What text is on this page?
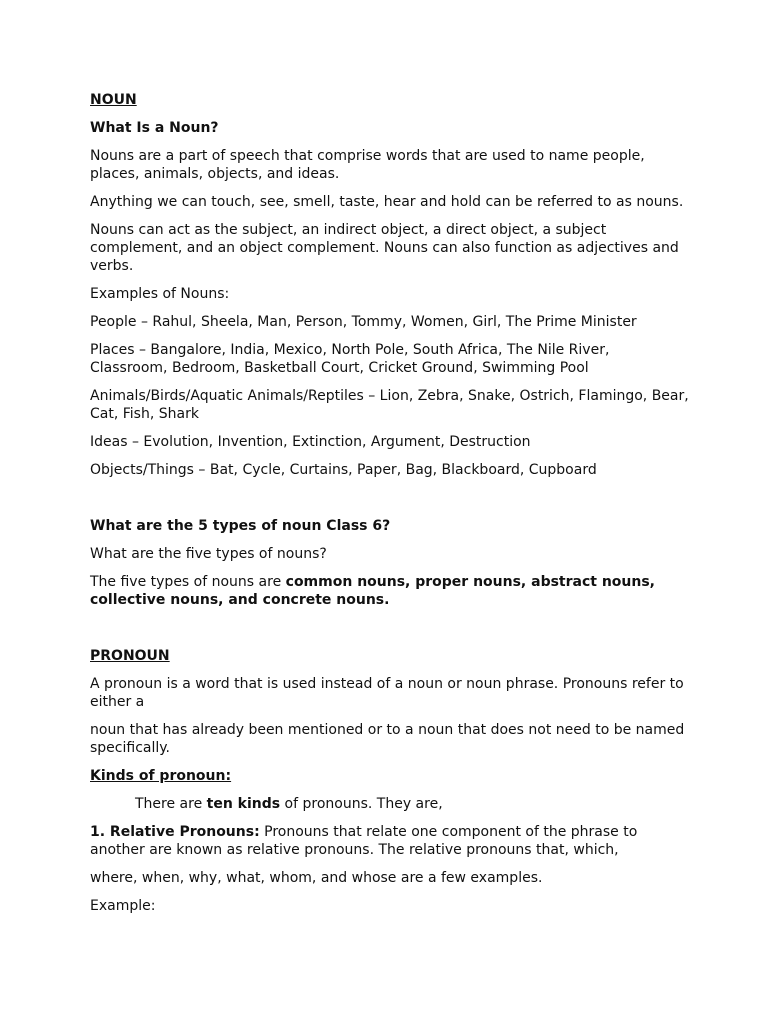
NOUN

What Is a Noun?

Nouns are a part of speech that comprise words that are used to name people, places, animals, objects, and ideas.

Anything we can touch, see, smell, taste, hear and hold can be referred to as nouns.

Nouns can act as the subject, an indirect object, a direct object, a subject complement, and an object complement. Nouns can also function as adjectives and verbs.

Examples of Nouns:

People – Rahul, Sheela, Man, Person, Tommy, Women, Girl, The Prime Minister

Places – Bangalore, India, Mexico, North Pole, South Africa, The Nile River, Classroom, Bedroom, Basketball Court, Cricket Ground, Swimming Pool

Animals/Birds/Aquatic Animals/Reptiles – Lion, Zebra, Snake, Ostrich, Flamingo, Bear, Cat, Fish, Shark

Ideas – Evolution, Invention, Extinction, Argument, Destruction

Objects/Things – Bat, Cycle, Curtains, Paper, Bag, Blackboard, Cupboard

What are the 5 types of noun Class 6?

What are the five types of nouns?

The five types of nouns are common nouns, proper nouns, abstract nouns, collective nouns, and concrete nouns.

PRONOUN

A pronoun is a word that is used instead of a noun or noun phrase. Pronouns refer to either a

noun that has already been mentioned or to a noun that does not need to be named specifically.

Kinds of pronoun:

There are ten kinds of pronouns. They are,

1. Relative Pronouns: Pronouns that relate one component of the phrase to another are known as relative pronouns. The relative pronouns that, which,

where, when, why, what, whom, and whose are a few examples.

Example:
